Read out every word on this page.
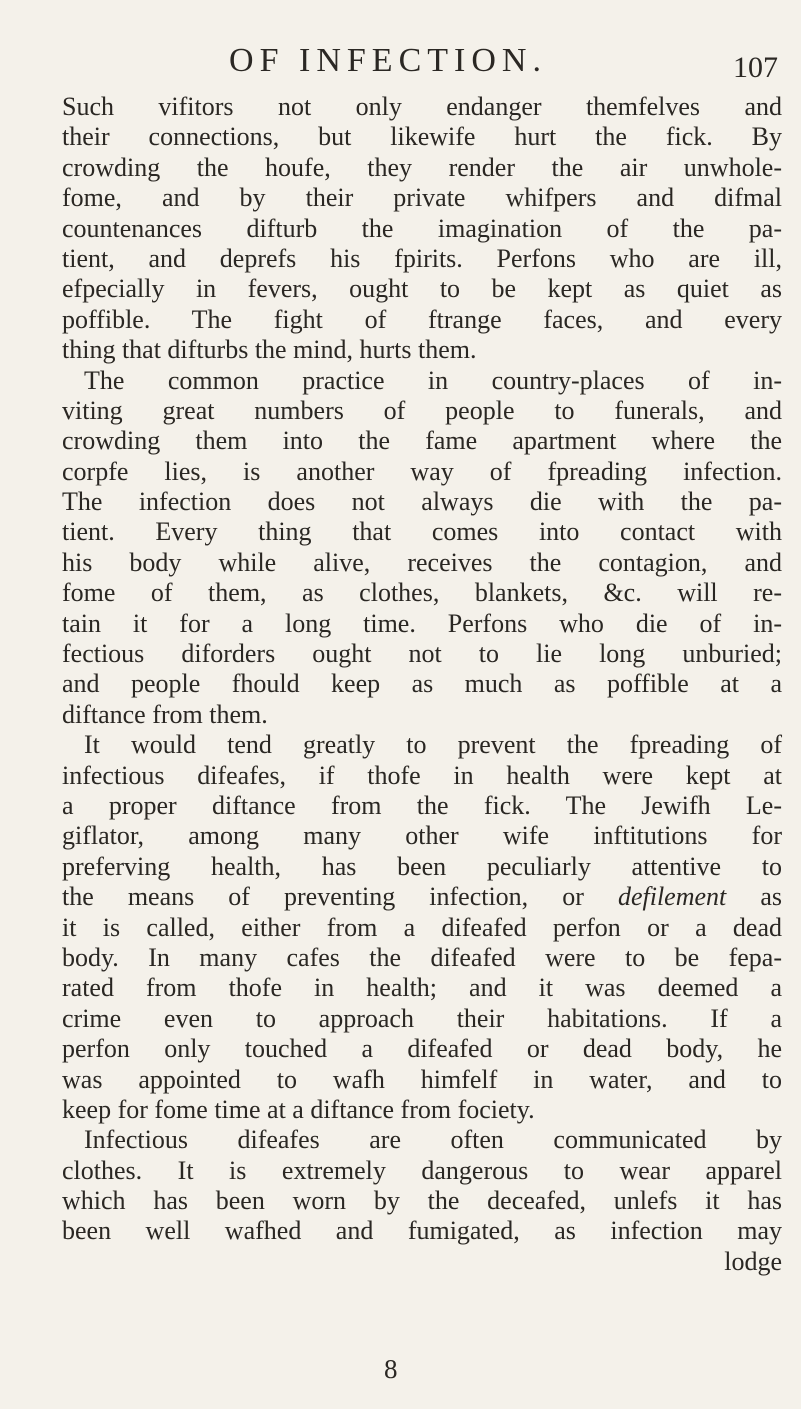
OF INFECTION.	107
Such vifitors not only endanger themfelves and
their connections, but likewife hurt the fick. By
crowding the houfe, they render the air unwhole-
fome, and by their private whifpers and difmal
countenances difturb the imagination of the pa-
tient, and deprefs his fpirits. Perfons who are ill,
efpecially in fevers, ought to be kept as quiet as
poffible. The fight of ftrange faces, and every
thing that difturbs the mind, hurts them.
The common practice in country-places of in-
viting great numbers of people to funerals, and
crowding them into the fame apartment where the
corpfe lies, is another way of fpreading infection.
The infection does not always die with the pa-
tient. Every thing that comes into contact with
his body while alive, receives the contagion, and
fome of them, as clothes, blankets, &c. will re-
tain it for a long time. Perfons who die of in-
fectious diforders ought not to lie long unburied;
and people fhould keep as much as poffible at a
diftance from them.
It would tend greatly to prevent the fpreading of
infectious difeafes, if thofe in health were kept at
a proper diftance from the fick. The Jewifh Le-
giflator, among many other wife inftitutions for
preferving health, has been peculiarly attentive to
the means of preventing infection, or defilement as
it is called, either from a difeafed perfon or a dead
body. In many cafes the difeafed were to be fepa-
rated from thofe in health; and it was deemed a
crime even to approach their habitations. If a
perfon only touched a difeafed or dead body, he
was appointed to wafh himfelf in water, and to
keep for fome time at a diftance from fociety.
Infectious difeafes are often communicated by
clothes. It is extremely dangerous to wear apparel
which has been worn by the deceafed, unlefs it has
been well wafhed and fumigated, as infection may
lodge
8
